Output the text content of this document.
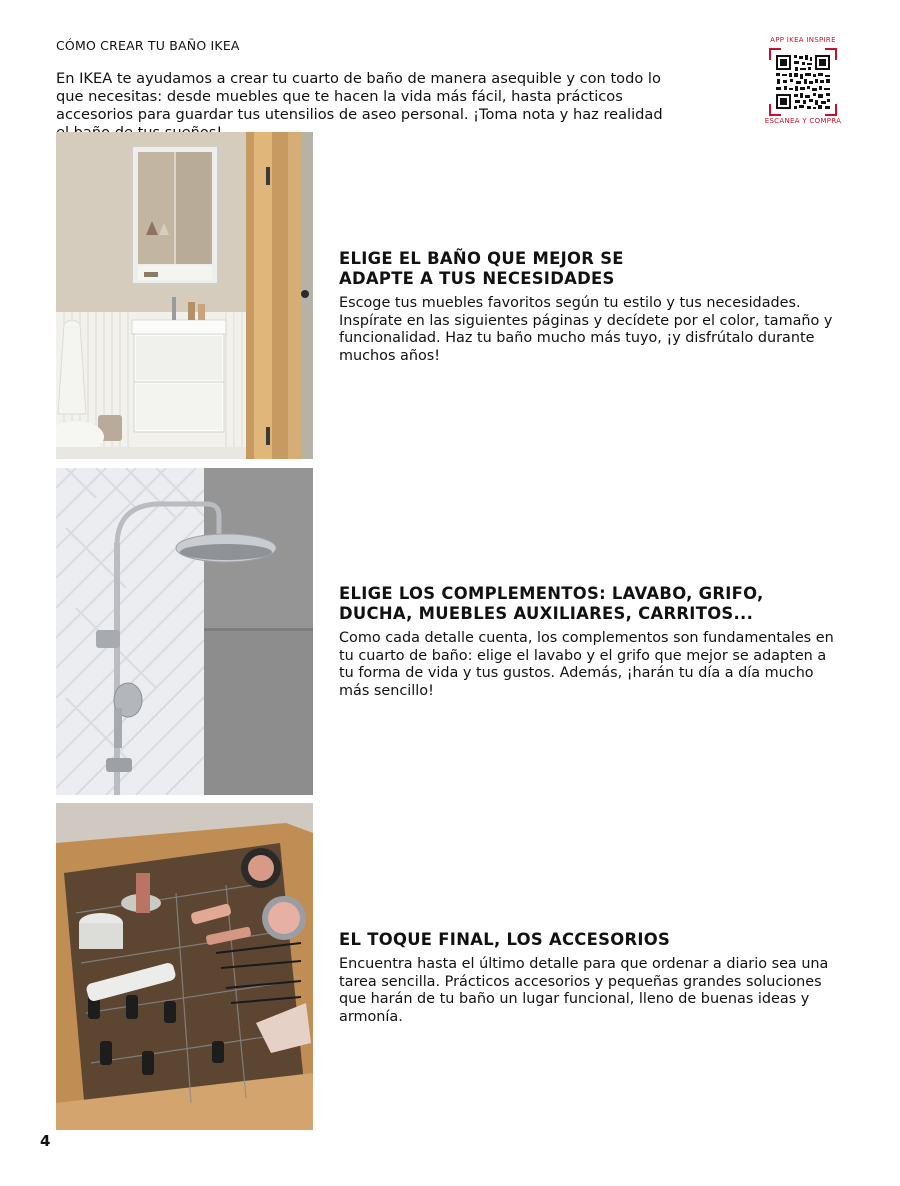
CÓMO CREAR TU BAÑO IKEA
En IKEA te ayudamos a crear tu cuarto de baño de manera asequible y con todo lo que necesitas: desde muebles que te hacen la vida más fácil, hasta prácticos accesorios para guardar tus utensilios de aseo personal. ¡Toma nota y haz realidad
APP IKEA INSPIRE
ESCANEA Y COMPRA
ELIGE EL BAÑO QUE MEJOR SE
ADAPTE A TUS NECESIDADES

Escoge tus muebles favoritos según tu estilo y tus necesidades. Inspírate en las siguientes páginas y decídete por el color, tamaño y funcionalidad. Haz tu baño mucho más tuyo, ¡y disfrútalo durante muchos años!

ELIGE LOS COMPLEMENTOS: LAVABO, GRIFO,
DUCHA, MUEBLES AUXILIARES, CARRITOS...

Como cada detalle cuenta, los complementos son fundamentales en tu cuarto de baño: elige el lavabo y el grifo que mejor se adapten a tu forma de vida y tus gustos. Además, ¡harán tu día a día mucho más sencillo!

EL TOQUE FINAL, LOS ACCESORIOS

Encuentra hasta el último detalle para que ordenar a diario sea una tarea sencilla. Prácticos accesorios y pequeñas grandes soluciones que harán de tu baño un lugar funcional, lleno de buenas ideas y armonía.

4
